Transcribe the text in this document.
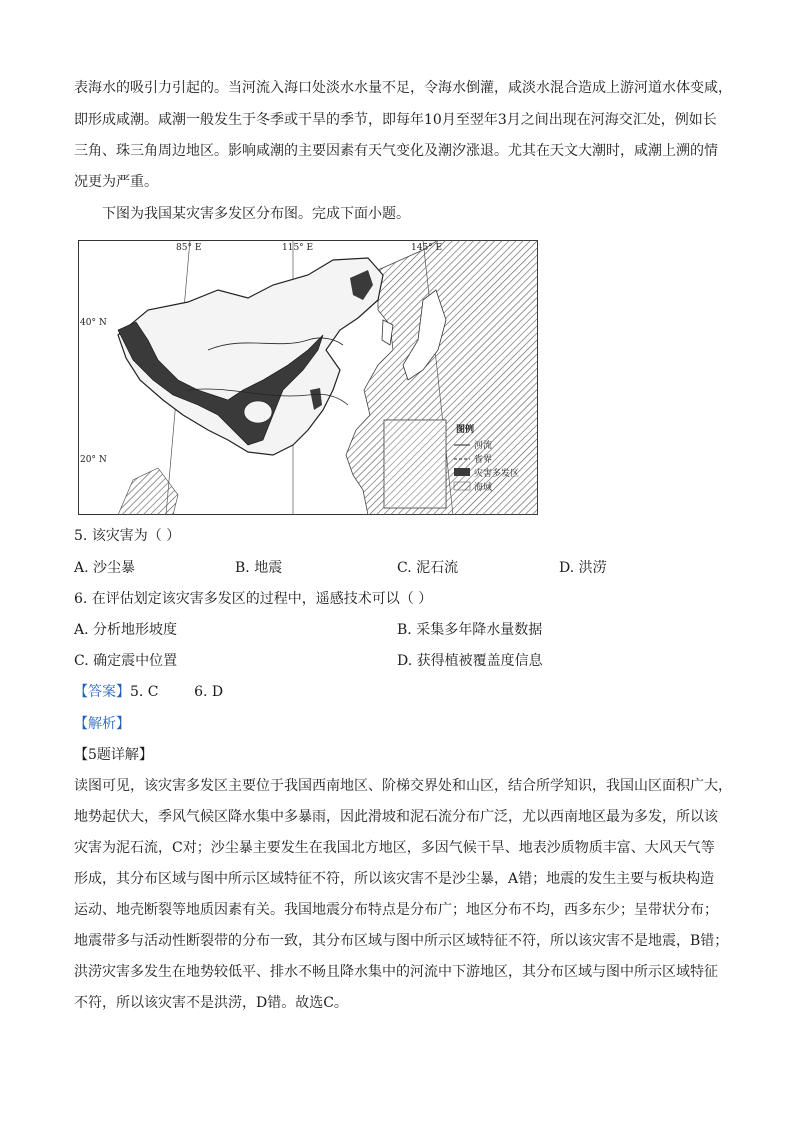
表海水的吸引力引起的。当河流入海口处淡水水量不足，令海水倒灌，咸淡水混合造成上游河道水体变咸，
即形成咸潮。咸潮一般发生于冬季或干旱的季节，即每年10月至翌年3月之间出现在河海交汇处，例如长
三角、珠三角周边地区。影响咸潮的主要因素有天气变化及潮汐涨退。尤其在天文大潮时，咸潮上溯的情
况更为严重。
下图为我国某灾害多发区分布图。完成下面小题。
85° E	115° E	145° E
40° N
20° N
图例
河流
省界
灾害多发区
海域
5. 该灾害为（ ）
A. 沙尘暴	B. 地震	C. 泥石流	D. 洪涝
6. 在评估划定该灾害多发区的过程中，遥感技术可以（ ）
A. 分析地形坡度	B. 采集多年降水量数据
C. 确定震中位置	D. 获得植被覆盖度信息
【答案】5. C        6. D
【解析】
【5题详解】
读图可见，该灾害多发区主要位于我国西南地区、阶梯交界处和山区，结合所学知识，我国山区面积广大，
地势起伏大，季风气候区降水集中多暴雨，因此滑坡和泥石流分布广泛，尤以西南地区最为多发，所以该
灾害为泥石流，C对；沙尘暴主要发生在我国北方地区，多因气候干旱、地表沙质物质丰富、大风天气等
形成，其分布区域与图中所示区域特征不符，所以该灾害不是沙尘暴，A错；地震的发生主要与板块构造
运动、地壳断裂等地质因素有关。我国地震分布特点是分布广；地区分布不均，西多东少；呈带状分布；
地震带多与活动性断裂带的分布一致，其分布区域与图中所示区域特征不符，所以该灾害不是地震，B错；
洪涝灾害多发生在地势较低平、排水不畅且降水集中的河流中下游地区，其分布区域与图中所示区域特征
不符，所以该灾害不是洪涝，D错。故选C。
